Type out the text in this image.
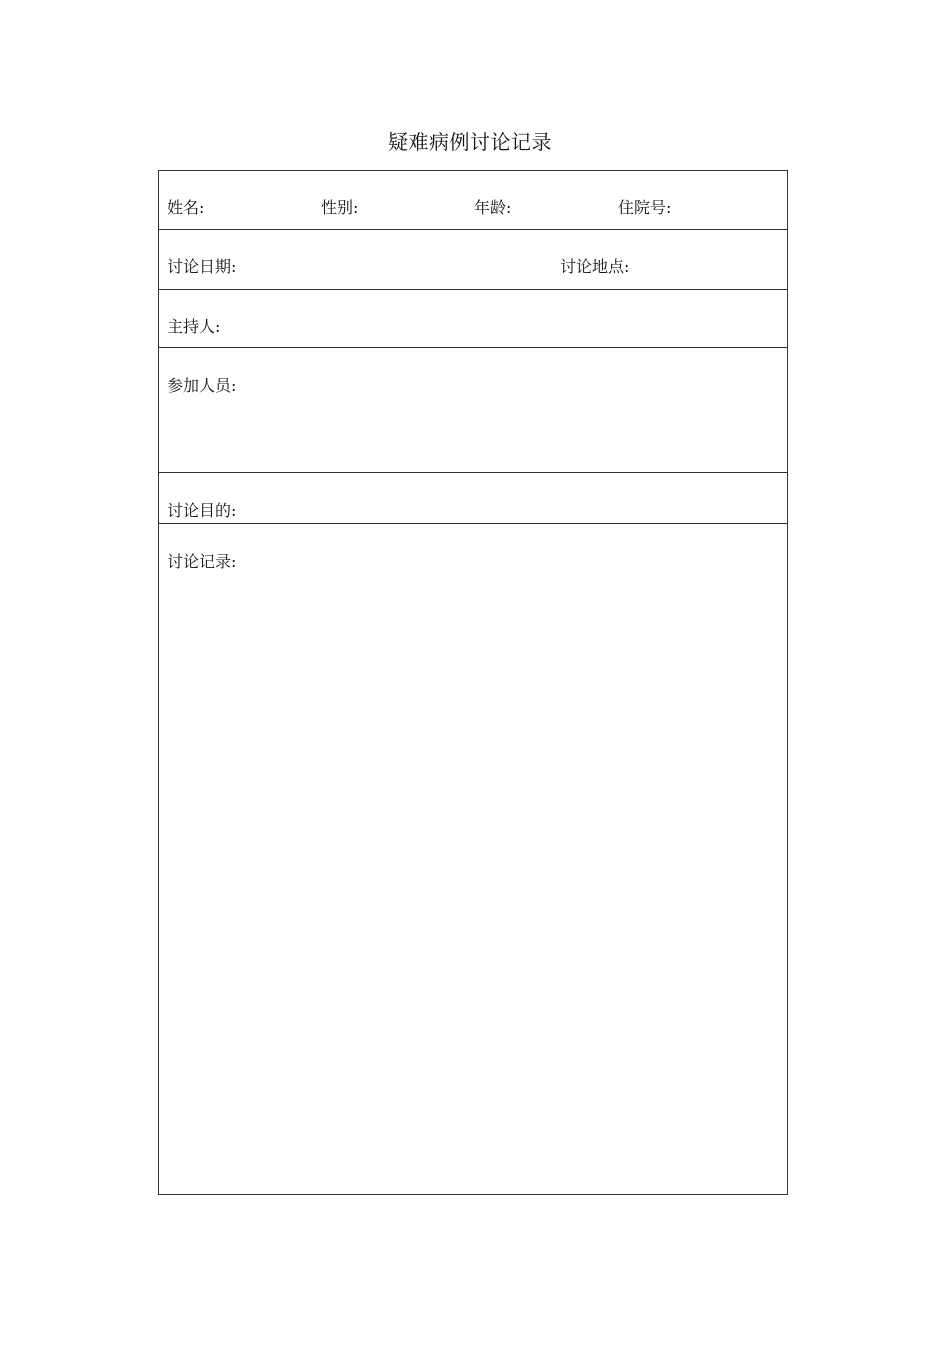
疑难病例讨论记录
姓名:	性别:	年龄:	住院号:
讨论日期:	讨论地点:
主持人:
参加人员:
讨论目的:
讨论记录:
